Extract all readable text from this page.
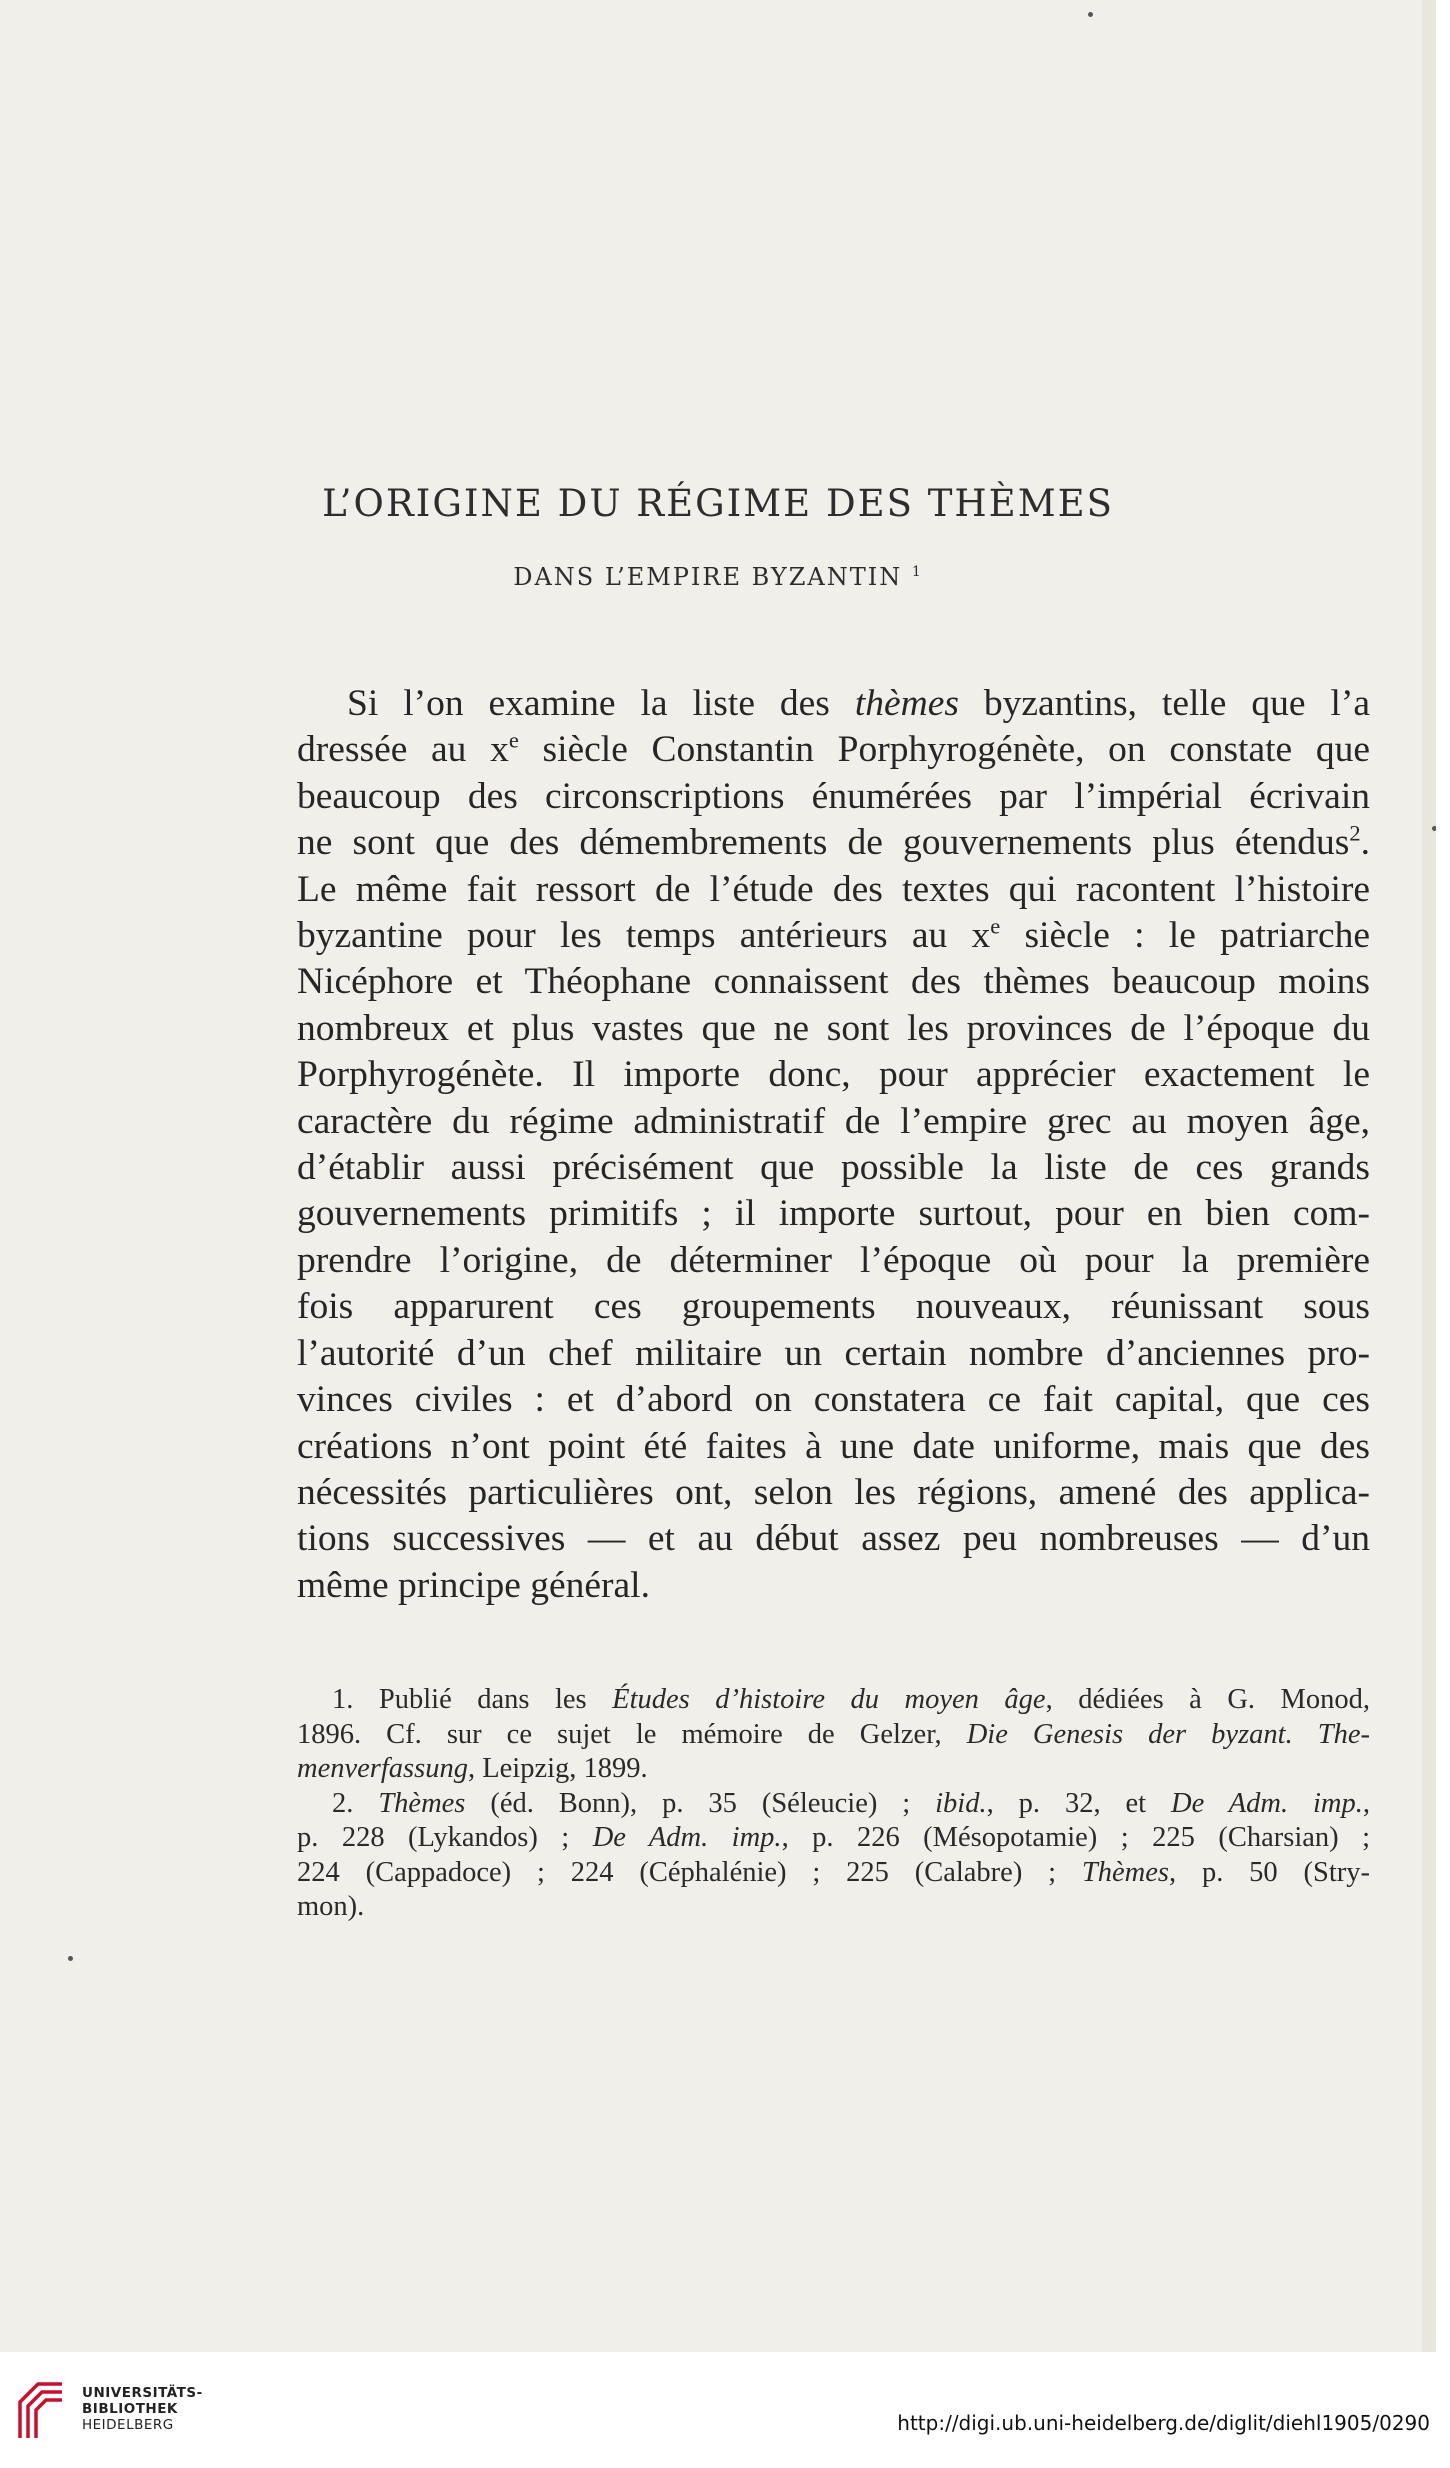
L’ORIGINE DU RÉGIME DES THÈMES
DANS L’EMPIRE BYZANTIN $^1$
Si l’on examine la liste des thèmes byzantins, telle que l’a
dressée au $x^e$ siècle Constantin Porphyrogénète, on constate que
beaucoup des circonscriptions énumérées par l’impérial écrivain
ne sont que des démembrements de gouvernements plus étendus$^2$.
Le même fait ressort de l’étude des textes qui racontent l’histoire
byzantine pour les temps antérieurs au $x^e$ siècle : le patriarche
Nicéphore et Théophane connaissent des thèmes beaucoup moins
nombreux et plus vastes que ne sont les provinces de l’époque du
Porphyrogénète. Il importe donc, pour apprécier exactement le
caractère du régime administratif de l’empire grec au moyen âge,
d’établir aussi précisément que possible la liste de ces grands
gouvernements primitifs ; il importe surtout, pour en bien com-
prendre l’origine, de déterminer l’époque où pour la première
fois apparurent ces groupements nouveaux, réunissant sous
l’autorité d’un chef militaire un certain nombre d’anciennes pro-
vinces civiles : et d’abord on constatera ce fait capital, que ces
créations n’ont point été faites à une date uniforme, mais que des
nécessités particulières ont, selon les régions, amené des applica-
tions successives — et au début assez peu nombreuses — d’un
même principe général.
1. Publié dans les Études d’histoire du moyen âge, dédiées à G. Monod,
1896. Cf. sur ce sujet le mémoire de Gelzer, Die Genesis der byzant. The-
menverfassung, Leipzig, 1899.
2. Thèmes (éd. Bonn), p. 35 (Séleucie) ; ibid., p. 32, et De Adm. imp.,
p. 228 (Lykandos) ; De Adm. imp., p. 226 (Mésopotamie) ; 225 (Charsian) ;
224 (Cappadoce) ; 224 (Céphalénie) ; 225 (Calabre) ; Thèmes, p. 50 (Stry-
mon).
UNIVERSITÄTS-
BIBLIOTHEK

HEIDELBERG	http://digi.ub.uni-heidelberg.de/diglit/diehl1905/0290
